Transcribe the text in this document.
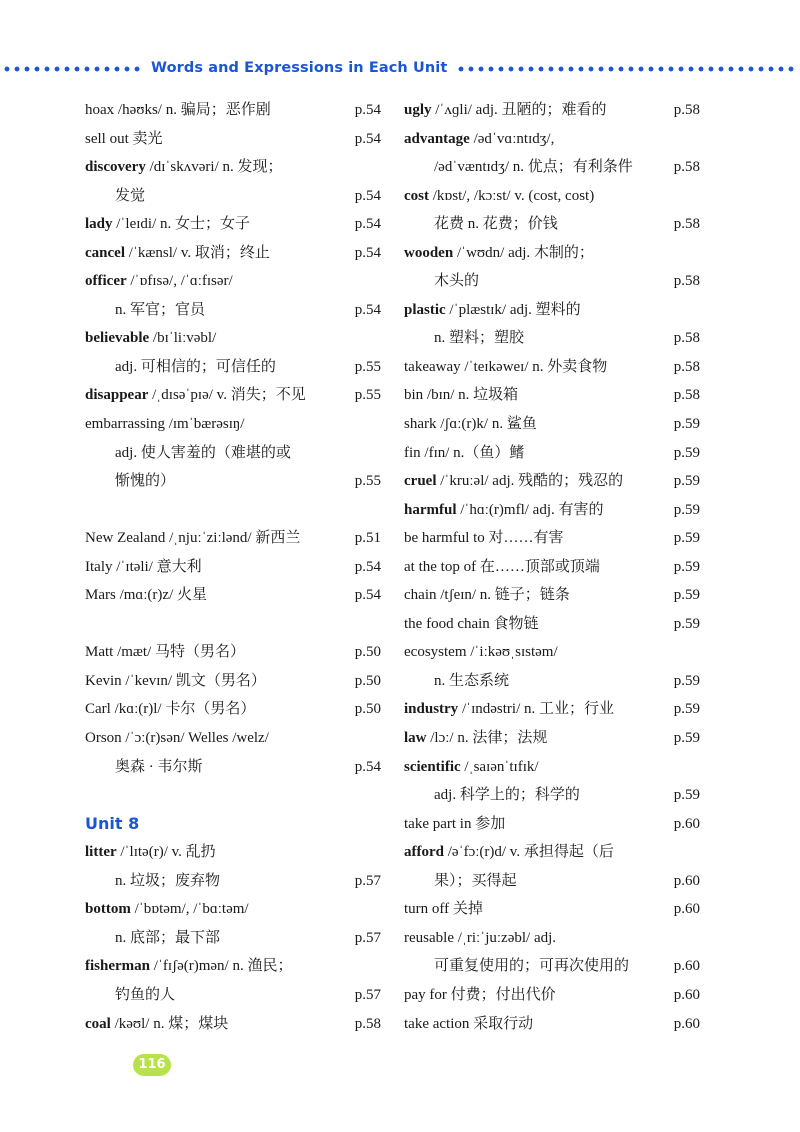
Words and Expressions in Each Unit
hoax /həʊks/ n. 骗局；恶作剧	p.54
sell out 卖光	p.54
discovery /dɪˈskʌvəri/ n. 发现；
发觉	p.54
lady /ˈleɪdi/ n. 女士；女子	p.54
cancel /ˈkænsl/ v. 取消；终止	p.54
officer /ˈɒfɪsə/, /ˈɑːfɪsər/
n. 军官；官员	p.54
believable /bɪˈliːvəbl/
adj. 可相信的；可信任的	p.55
disappear /ˌdɪsəˈpɪə/ v. 消失；不见	p.55
embarrassing /ɪmˈbærəsɪŋ/
adj. 使人害羞的（难堪的或
惭愧的）	p.55
New Zealand /ˌnjuːˈziːlənd/ 新西兰	p.51
Italy /ˈɪtəli/ 意大利	p.54
Mars /mɑː(r)z/ 火星	p.54
Matt /mæt/ 马特（男名）	p.50
Kevin /ˈkevɪn/ 凯文（男名）	p.50
Carl /kɑː(r)l/ 卡尔（男名）	p.50
Orson /ˈɔː(r)sən/ Welles /welz/
奥森 · 韦尔斯	p.54
Unit 8
litter /ˈlɪtə(r)/ v. 乱扔
n. 垃圾；废弃物	p.57
bottom /ˈbɒtəm/, /ˈbɑːtəm/
n. 底部；最下部	p.57
fisherman /ˈfɪʃə(r)mən/ n. 渔民；
钓鱼的人	p.57
coal /kəʊl/ n. 煤；煤块	p.58
ugly /ˈʌɡli/ adj. 丑陋的；难看的	p.58
advantage /ədˈvɑːntɪdʒ/,
/ədˈvæntɪdʒ/ n. 优点；有利条件	p.58
cost /kɒst/, /kɔːst/ v. (cost, cost)
花费 n. 花费；价钱	p.58
wooden /ˈwʊdn/ adj. 木制的；
木头的	p.58
plastic /ˈplæstɪk/ adj. 塑料的
n. 塑料；塑胶	p.58
takeaway /ˈteɪkəweɪ/ n. 外卖食物	p.58
bin /bɪn/ n. 垃圾箱	p.58
shark /ʃɑː(r)k/ n. 鲨鱼	p.59
fin /fɪn/ n.（鱼）鳍	p.59
cruel /ˈkruːəl/ adj. 残酷的；残忍的	p.59
harmful /ˈhɑː(r)mfl/ adj. 有害的	p.59
be harmful to 对……有害	p.59
at the top of 在……顶部或顶端	p.59
chain /tʃeɪn/ n. 链子；链条	p.59
the food chain 食物链	p.59
ecosystem /ˈiːkəʊˌsɪstəm/
n. 生态系统	p.59
industry /ˈɪndəstri/ n. 工业；行业	p.59
law /lɔː/ n. 法律；法规	p.59
scientific /ˌsaɪənˈtɪfɪk/
adj. 科学上的；科学的	p.59
take part in 参加	p.60
afford /əˈfɔː(r)d/ v. 承担得起（后
果）；买得起	p.60
turn off 关掉	p.60
reusable /ˌriːˈjuːzəbl/ adj.
可重复使用的；可再次使用的	p.60
pay for 付费；付出代价	p.60
take action 采取行动	p.60
116
